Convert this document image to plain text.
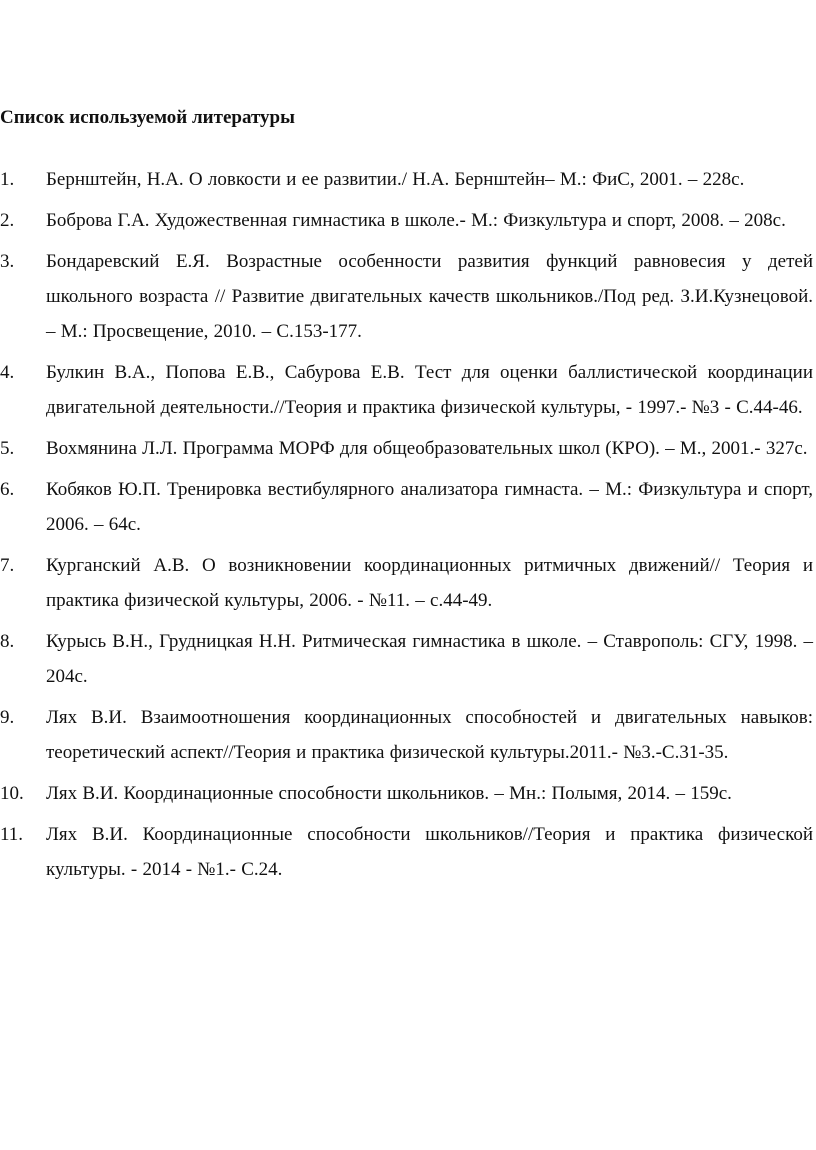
Список используемой литературы
1.	Бернштейн, Н.А. О ловкости и ее развитии./ Н.А. Бернштейн– М.: ФиС, 2001. – 228с.
2.	Боброва Г.А. Художественная гимнастика в школе.- М.: Физкультура и спорт, 2008. – 208с.
3.	Бондаревский Е.Я. Возрастные особенности развития функций равновесия у детей школьного возраста // Развитие двигательных качеств школьников./Под ред. З.И.Кузнецовой. – М.: Просвещение, 2010. – С.153-177.
4.	Булкин В.А., Попова Е.В., Сабурова Е.В. Тест для оценки баллистической координации двигательной деятельности.//Теория и практика физической культуры, - 1997.- №3 - С.44-46.
5.	Вохмянина Л.Л. Программа МОРФ для общеобразовательных школ (КРО). – М., 2001.- 327с.
6.	Кобяков Ю.П. Тренировка вестибулярного анализатора гимнаста. – М.: Физкультура и спорт, 2006. – 64с.
7.	Курганский А.В. О возникновении координационных ритмичных движений// Теория и практика физической культуры, 2006. - №11. – с.44-49.
8.	Курысь В.Н., Грудницкая Н.Н. Ритмическая гимнастика в школе. – Ставрополь: СГУ, 1998. – 204с.
9.	Лях В.И. Взаимоотношения координационных способностей и двигательных навыков: теоретический аспект//Теория и практика физической культуры.2011.- №3.-С.31-35.
10.	Лях В.И. Координационные способности школьников. – Мн.: Полымя, 2014. – 159с.
11.	Лях В.И. Координационные способности школьников//Теория и практика физической культуры. - 2014 - №1.- С.24.
